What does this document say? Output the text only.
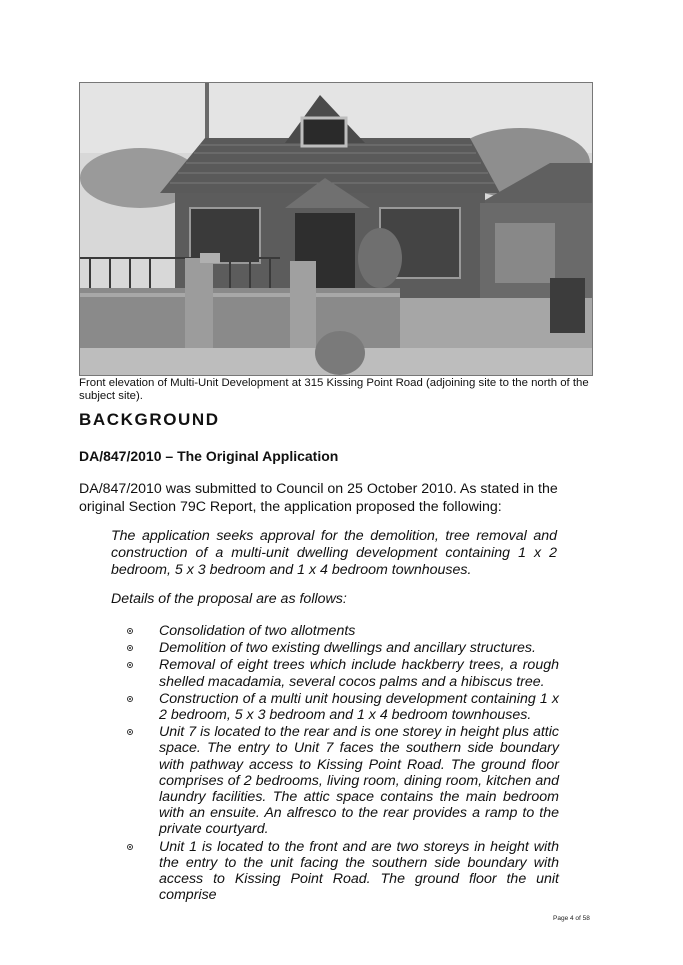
Front elevation of Multi-Unit Development at 315 Kissing Point Road (adjoining site to the north of the subject site).
BACKGROUND
DA/847/2010 – The Original Application
DA/847/2010 was submitted to Council on 25 October 2010. As stated in the original Section 79C Report, the application proposed the following:
The application seeks approval for the demolition, tree removal and construction of a multi-unit dwelling development containing 1 x 2 bedroom, 5 x 3 bedroom and 1 x 4 bedroom townhouses.
Details of the proposal are as follows:
Consolidation of two allotments
Demolition of two existing dwellings and ancillary structures.
Removal of eight trees which include hackberry trees, a rough shelled macadamia, several cocos palms and a hibiscus tree.
Construction of a multi unit housing development containing 1 x 2 bedroom, 5 x 3 bedroom and 1 x 4 bedroom townhouses.
Unit 7 is located to the rear and is one storey in height plus attic space. The entry to Unit 7 faces the southern side boundary with pathway access to Kissing Point Road. The ground floor comprises of 2 bedrooms, living room, dining room, kitchen and laundry facilities. The attic space contains the main bedroom with an ensuite. An alfresco to the rear provides a ramp to the private courtyard.
Unit 1 is located to the front and are two storeys in height with the entry to the unit facing the southern side boundary with access to Kissing Point Road. The ground floor the unit comprise
Page 4 of 58
